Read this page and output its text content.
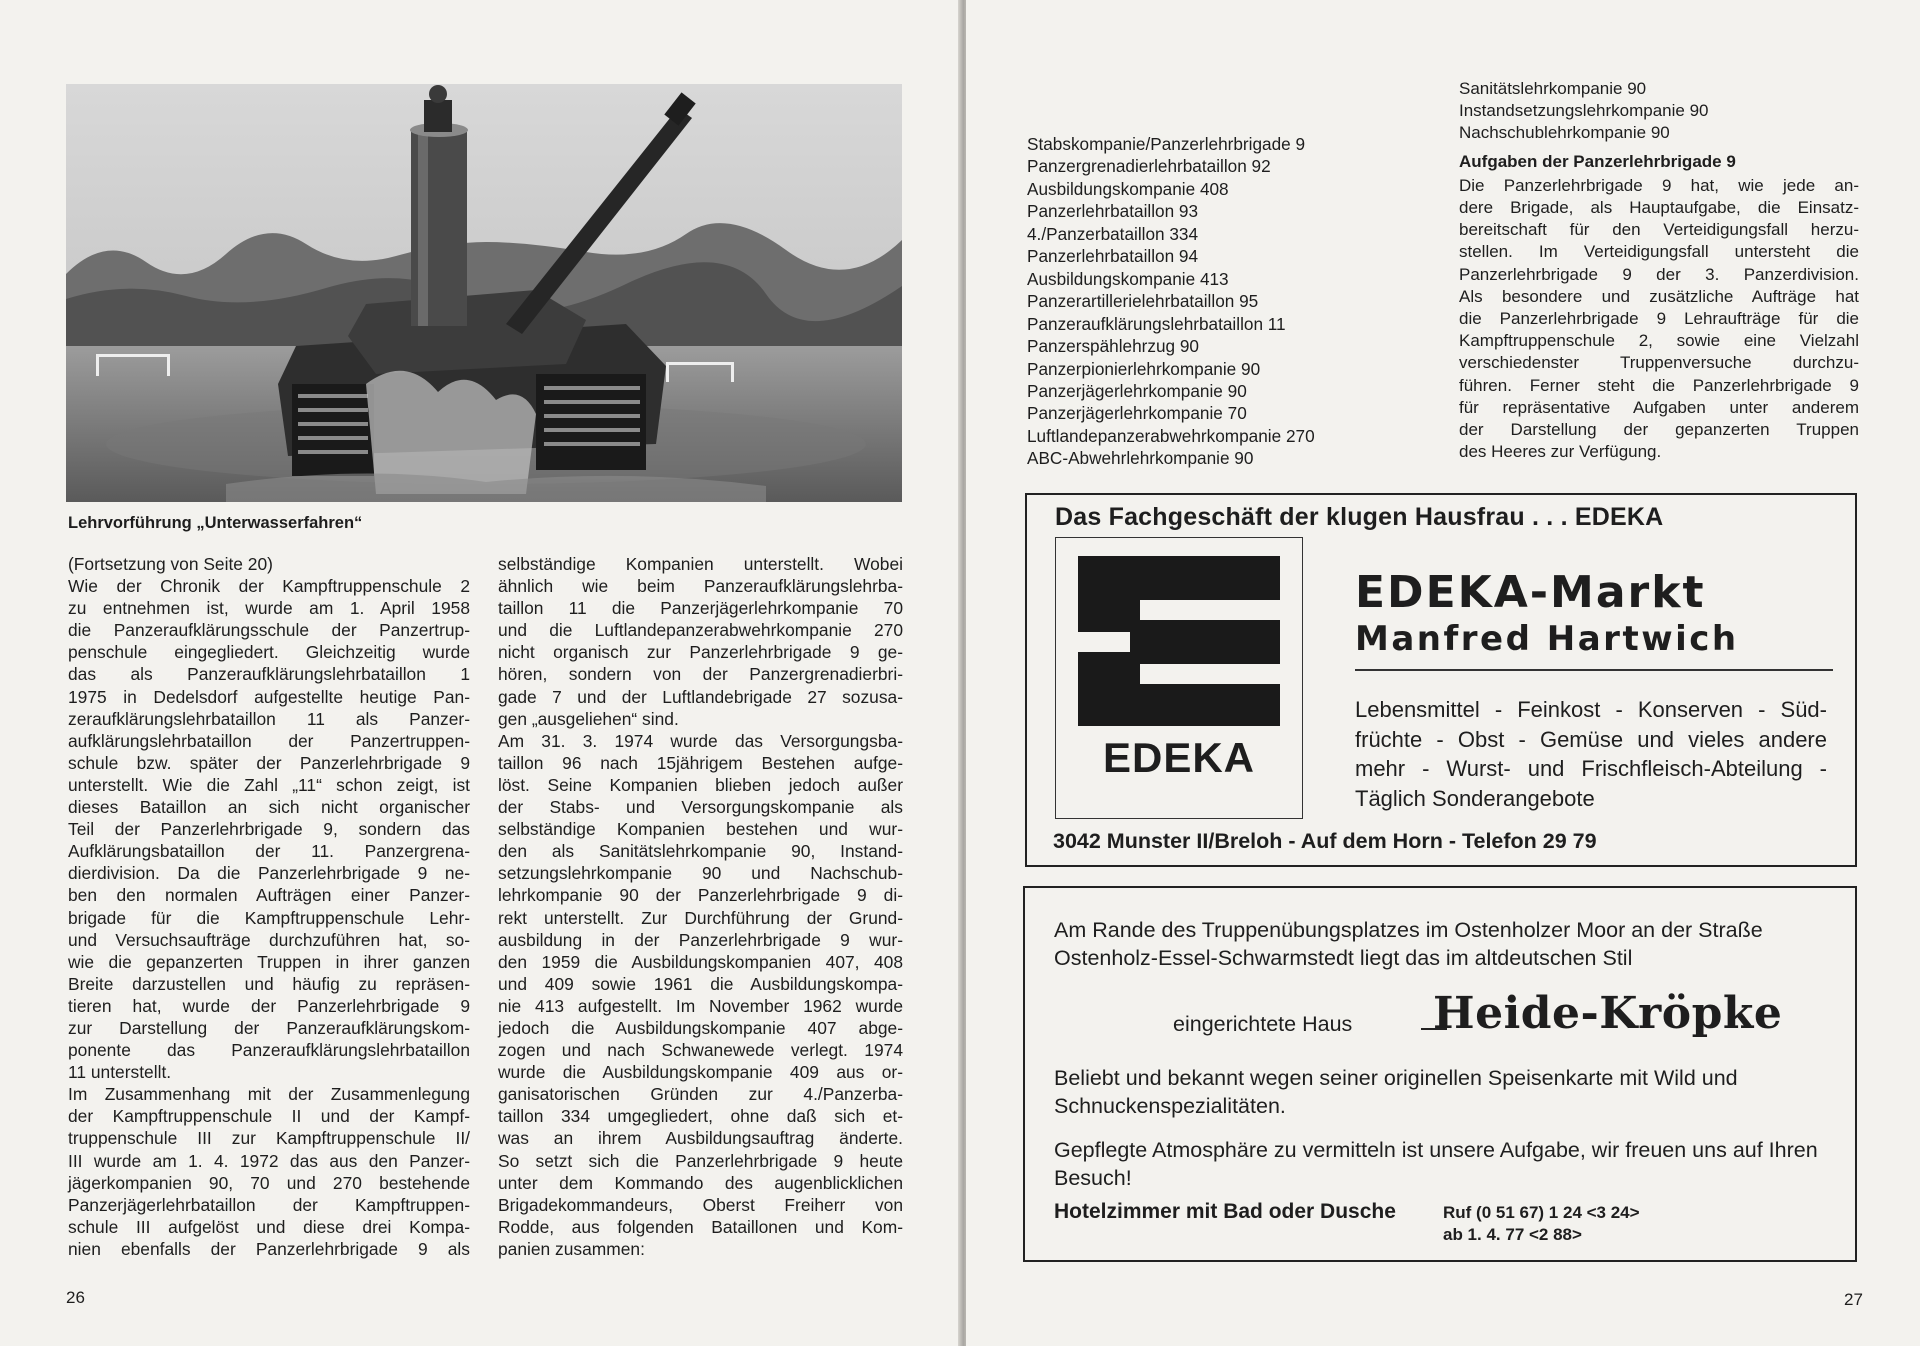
Lehrvorführung „Unterwasserfahren“
(Fortsetzung von Seite 20)
Wie der Chronik der Kampftruppenschule 2
zu entnehmen ist, wurde am 1. April 1958
die Panzeraufklärungsschule der Panzertrup-
penschule eingegliedert. Gleichzeitig wurde
das als Panzeraufklärungslehrbataillon 1
1975 in Dedelsdorf aufgestellte heutige Pan-
zeraufklärungslehrbataillon 11 als Panzer-
aufklärungslehrbataillon der Panzertruppen-
schule bzw. später der Panzerlehrbrigade 9
unterstellt. Wie die Zahl „11“ schon zeigt, ist
dieses Bataillon an sich nicht organischer
Teil der Panzerlehrbrigade 9, sondern das
Aufklärungsbataillon der 11. Panzergrena-
dierdivision. Da die Panzerlehrbrigade 9 ne-
ben den normalen Aufträgen einer Panzer-
brigade für die Kampftruppenschule Lehr-
und Versuchsaufträge durchzuführen hat, so-
wie die gepanzerten Truppen in ihrer ganzen
Breite darzustellen und häufig zu repräsen-
tieren hat, wurde der Panzerlehrbrigade 9
zur Darstellung der Panzeraufklärungskom-
ponente das Panzeraufklärungslehrbataillon
11 unterstellt.
Im Zusammenhang mit der Zusammenlegung
der Kampftruppenschule II und der Kampf-
truppenschule III zur Kampftruppenschule II/
III wurde am 1. 4. 1972 das aus den Panzer-
jägerkompanien 90, 70 und 270 bestehende
Panzerjägerlehrbataillon der Kampftruppen-
schule III aufgelöst und diese drei Kompa-
nien ebenfalls der Panzerlehrbrigade 9 als
selbständige Kompanien unterstellt. Wobei
ähnlich wie beim Panzeraufklärungslehrba-
taillon 11 die Panzerjägerlehrkompanie 70
und die Luftlandepanzerabwehrkompanie 270
nicht organisch zur Panzerlehrbrigade 9 ge-
hören, sondern von der Panzergrenadierbri-
gade 7 und der Luftlandebrigade 27 sozusa-
gen „ausgeliehen“ sind.
Am 31. 3. 1974 wurde das Versorgungsba-
taillon 96 nach 15jährigem Bestehen aufge-
löst. Seine Kompanien blieben jedoch außer
der Stabs- und Versorgungskompanie als
selbständige Kompanien bestehen und wur-
den als Sanitätslehrkompanie 90, Instand-
setzungslehrkompanie 90 und Nachschub-
lehrkompanie 90 der Panzerlehrbrigade 9 di-
rekt unterstellt. Zur Durchführung der Grund-
ausbildung in der Panzerlehrbrigade 9 wur-
den 1959 die Ausbildungskompanien 407, 408
und 409 sowie 1961 die Ausbildungskompa-
nie 413 aufgestellt. Im November 1962 wurde
jedoch die Ausbildungskompanie 407 abge-
zogen und nach Schwanewede verlegt. 1974
wurde die Ausbildungskompanie 409 aus or-
ganisatorischen Gründen zur 4./Panzerba-
taillon 334 umgegliedert, ohne daß sich et-
was an ihrem Ausbildungsauftrag änderte.
So setzt sich die Panzerlehrbrigade 9 heute
unter dem Kommando des augenblicklichen
Brigadekommandeurs, Oberst Freiherr von
Rodde, aus folgenden Bataillonen und Kom-
panien zusammen:
26
Stabskompanie/Panzerlehrbrigade 9
Panzergrenadierlehrbataillon 92
Ausbildungskompanie 408
Panzerlehrbataillon 93
4./Panzerbataillon 334
Panzerlehrbataillon 94
Ausbildungskompanie 413
Panzerartillerielehrbataillon 95
Panzeraufklärungslehrbataillon 11
Panzerspählehrzug 90
Panzerpionierlehrkompanie 90
Panzerjägerlehrkompanie 90
Panzerjägerlehrkompanie 70
Luftlandepanzerabwehrkompanie 270
ABC-Abwehrlehrkompanie 90
Sanitätslehrkompanie 90
Instandsetzungslehrkompanie 90
Nachschublehrkompanie 90
Aufgaben der Panzerlehrbrigade 9
Die Panzerlehrbrigade 9 hat, wie jede an-
dere Brigade, als Hauptaufgabe, die Einsatz-
bereitschaft für den Verteidigungsfall herzu-
stellen. Im Verteidigungsfall untersteht die
Panzerlehrbrigade 9 der 3. Panzerdivision.
Als besondere und zusätzliche Aufträge hat
die Panzerlehrbrigade 9 Lehraufträge für die
Kampftruppenschule 2, sowie eine Vielzahl
verschiedenster Truppenversuche durchzu-
führen. Ferner steht die Panzerlehrbrigade 9
für repräsentative Aufgaben unter anderem
der Darstellung der gepanzerten Truppen
des Heeres zur Verfügung.
Das Fachgeschäft der klugen Hausfrau . . . EDEKA
EDEKA
EDEKA-Markt
Manfred Hartwich
Lebensmittel - Feinkost - Konserven - Süd-
früchte - Obst - Gemüse und vieles andere
mehr - Wurst- und Frischfleisch-Abteilung -
Täglich Sonderangebote
3042 Munster II/Breloh - Auf dem Horn - Telefon 29 79
Am Rande des Truppenübungsplatzes im Ostenholzer Moor an der Straße Ostenholz-Essel-Schwarmstedt liegt das im altdeutschen Stil
eingerichtete Haus Heide-Kröpke
Beliebt und bekannt wegen seiner originellen Speisenkarte mit Wild und Schnuckenspezialitäten.
Gepflegte Atmosphäre zu vermitteln ist unsere Aufgabe, wir freuen uns auf Ihren Besuch!
Hotelzimmer mit Bad oder Dusche	Ruf (0 51 67) 1 24 <3 24>
ab 1. 4. 77 <2 88>
27
